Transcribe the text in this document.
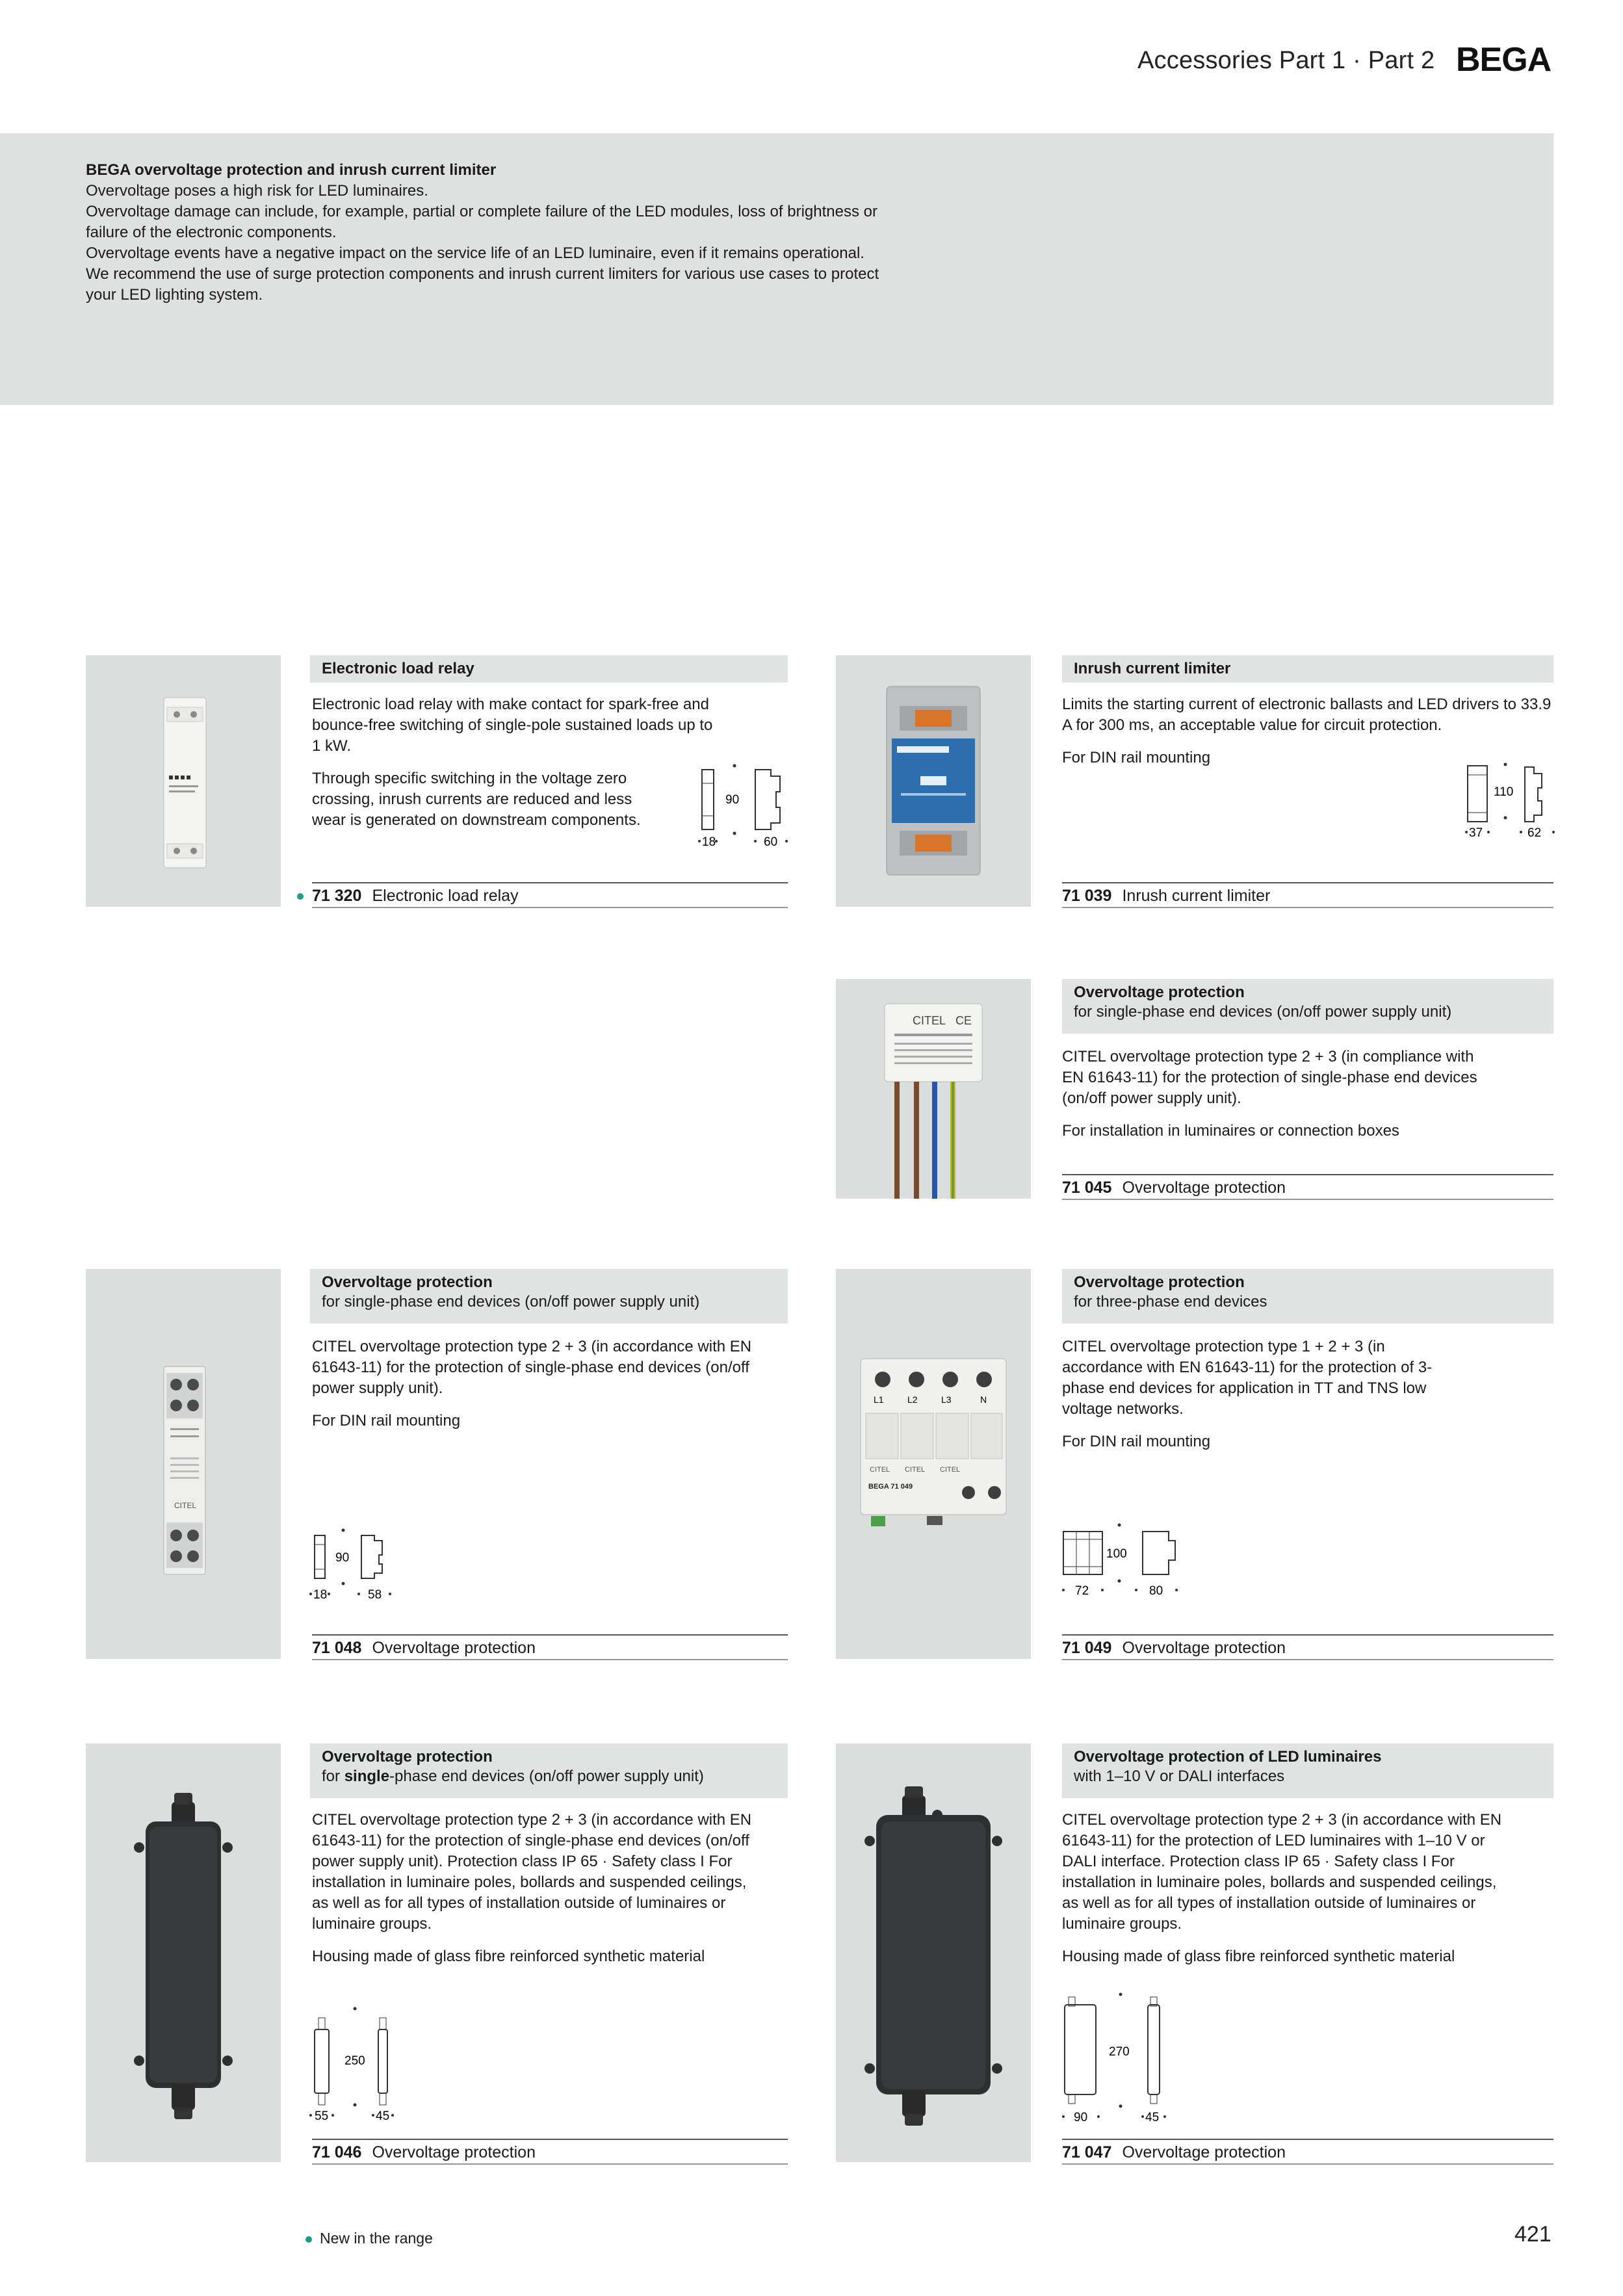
Accessories Part 1 · Part 2 BEGA

BEGA overvoltage protection and inrush current limiter

Overvoltage poses a high risk for LED luminaires.

Overvoltage damage can include, for example, partial or complete failure of the LED modules, loss of brightness or

failure of the electronic components.

Overvoltage events have a negative impact on the service life of an LED luminaire, even if it remains operational.

We recommend the use of surge protection components and inrush current limiters for various use cases to protect

your LED lighting system.

Electronic load relay

Electronic load relay with make contact for spark-free and bounce-free switching of single-pole sustained loads up to 1 kW.

Through specific switching in the voltage zero crossing, inrush currents are reduced and less wear is generated on downstream components.

90
18	60
71 320 Electronic load relay
Inrush current limiter

Limits the starting current of electronic ballasts and LED drivers to 33.9 A for 300 ms, an acceptable value for circuit protection.

For DIN rail mounting

110
37	62
71 039 Inrush current limiter
CITEL CE
Overvoltage protection
for single-phase end devices (on/off power supply unit)

CITEL overvoltage protection type 2 + 3 (in compliance with EN 61643-11) for the protection of single-phase end devices (on/off power supply unit).

For installation in luminaires or connection boxes

71 045 Overvoltage protection
CITEL
Overvoltage protection
for single-phase end devices (on/off power supply unit)

CITEL overvoltage protection type 2 + 3 (in accordance with EN 61643-11) for the protection of single-phase end devices (on/off power supply unit).

For DIN rail mounting

90
18	58
71 048 Overvoltage protection
L1	L2	L3	N
CITEL CITEL CITEL
BEGA 71 049
Overvoltage protection
for three-phase end devices

CITEL overvoltage protection type 1 + 2 + 3 (in accordance with EN 61643-11) for the protection of 3-phase end devices for application in TT and TNS low voltage networks.

For DIN rail mounting

100
72	80
71 049 Overvoltage protection
Overvoltage protection
for single-phase end devices (on/off power supply unit)

CITEL overvoltage protection type 2 + 3 (in accordance with EN 61643-11) for the protection of single-phase end devices (on/off power supply unit). Protection class IP 65 · Safety class I For installation in luminaire poles, bollards and suspended ceilings, as well as for all types of installation outside of luminaires or luminaire groups.

Housing made of glass fibre reinforced synthetic material

250
55	45
71 046 Overvoltage protection
Overvoltage protection of LED luminaires
with 1–10 V or DALI interfaces

CITEL overvoltage protection type 2 + 3 (in accordance with EN 61643-11) for the protection of LED luminaires with 1–10 V or DALI interface. Protection class IP 65 · Safety class I For installation in luminaire poles, bollards and suspended ceilings, as well as for all types of installation outside of luminaires or luminaire groups.

Housing made of glass fibre reinforced synthetic material

270
90	45
71 047 Overvoltage protection
New in the range	421
